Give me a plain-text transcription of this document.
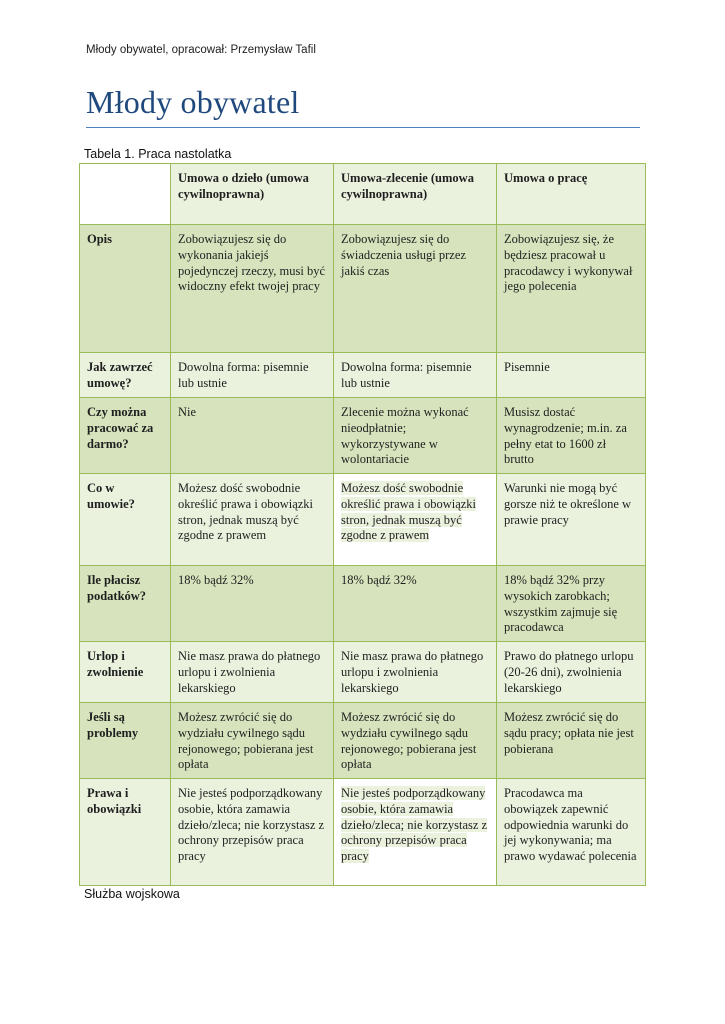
Młody obywatel, opracował: Przemysław Tafil
Młody obywatel
Tabela 1. Praca nastolatka
	Umowa o dzieło (umowa cywilnoprawna)	Umowa-zlecenie (umowa cywilnoprawna)	Umowa o pracę
Opis	Zobowiązujesz się do wykonania jakiejś pojedynczej rzeczy, musi być widoczny efekt twojej pracy	Zobowiązujesz się do świadczenia usługi przez jakiś czas	Zobowiązujesz się, że będziesz pracował u pracodawcy i wykonywał jego polecenia
Jak zawrzeć umowę?	Dowolna forma: pisemnie lub ustnie	Dowolna forma: pisemnie lub ustnie	Pisemnie
Czy można pracować za darmo?	Nie	Zlecenie można wykonać nieodpłatnie; wykorzystywane w wolontariacie	Musisz dostać wynagrodzenie; m.in. za pełny etat to 1600 zł brutto
Co w umowie?	Możesz dość swobodnie określić prawa i obowiązki stron, jednak muszą być zgodne z prawem	Możesz dość swobodnie określić prawa i obowiązki stron, jednak muszą być zgodne z prawem	Warunki nie mogą być gorsze niż te określone w prawie pracy
Ile płacisz podatków?	18% bądź 32%	18% bądź 32%	18% bądź 32% przy wysokich zarobkach; wszystkim zajmuje się pracodawca
Urlop i zwolnienie	Nie masz prawa do płatnego urlopu i zwolnienia lekarskiego	Nie masz prawa do płatnego urlopu i zwolnienia lekarskiego	Prawo do płatnego urlopu (20-26 dni), zwolnienia lekarskiego
Jeśli są problemy	Możesz zwrócić się do wydziału cywilnego sądu rejonowego; pobierana jest opłata	Możesz zwrócić się do wydziału cywilnego sądu rejonowego; pobierana jest opłata	Możesz zwrócić się do sądu pracy; opłata nie jest pobierana
Prawa i obowiązki	Nie jesteś podporządkowany osobie, która zamawia dzieło/zleca; nie korzystasz z ochrony przepisów praca pracy	Nie jesteś podporządkowany osobie, która zamawia dzieło/zleca; nie korzystasz z ochrony przepisów praca pracy	Pracodawca ma obowiązek zapewnić odpowiednia warunki do jej wykonywania; ma prawo wydawać polecenia
Służba wojskowa
